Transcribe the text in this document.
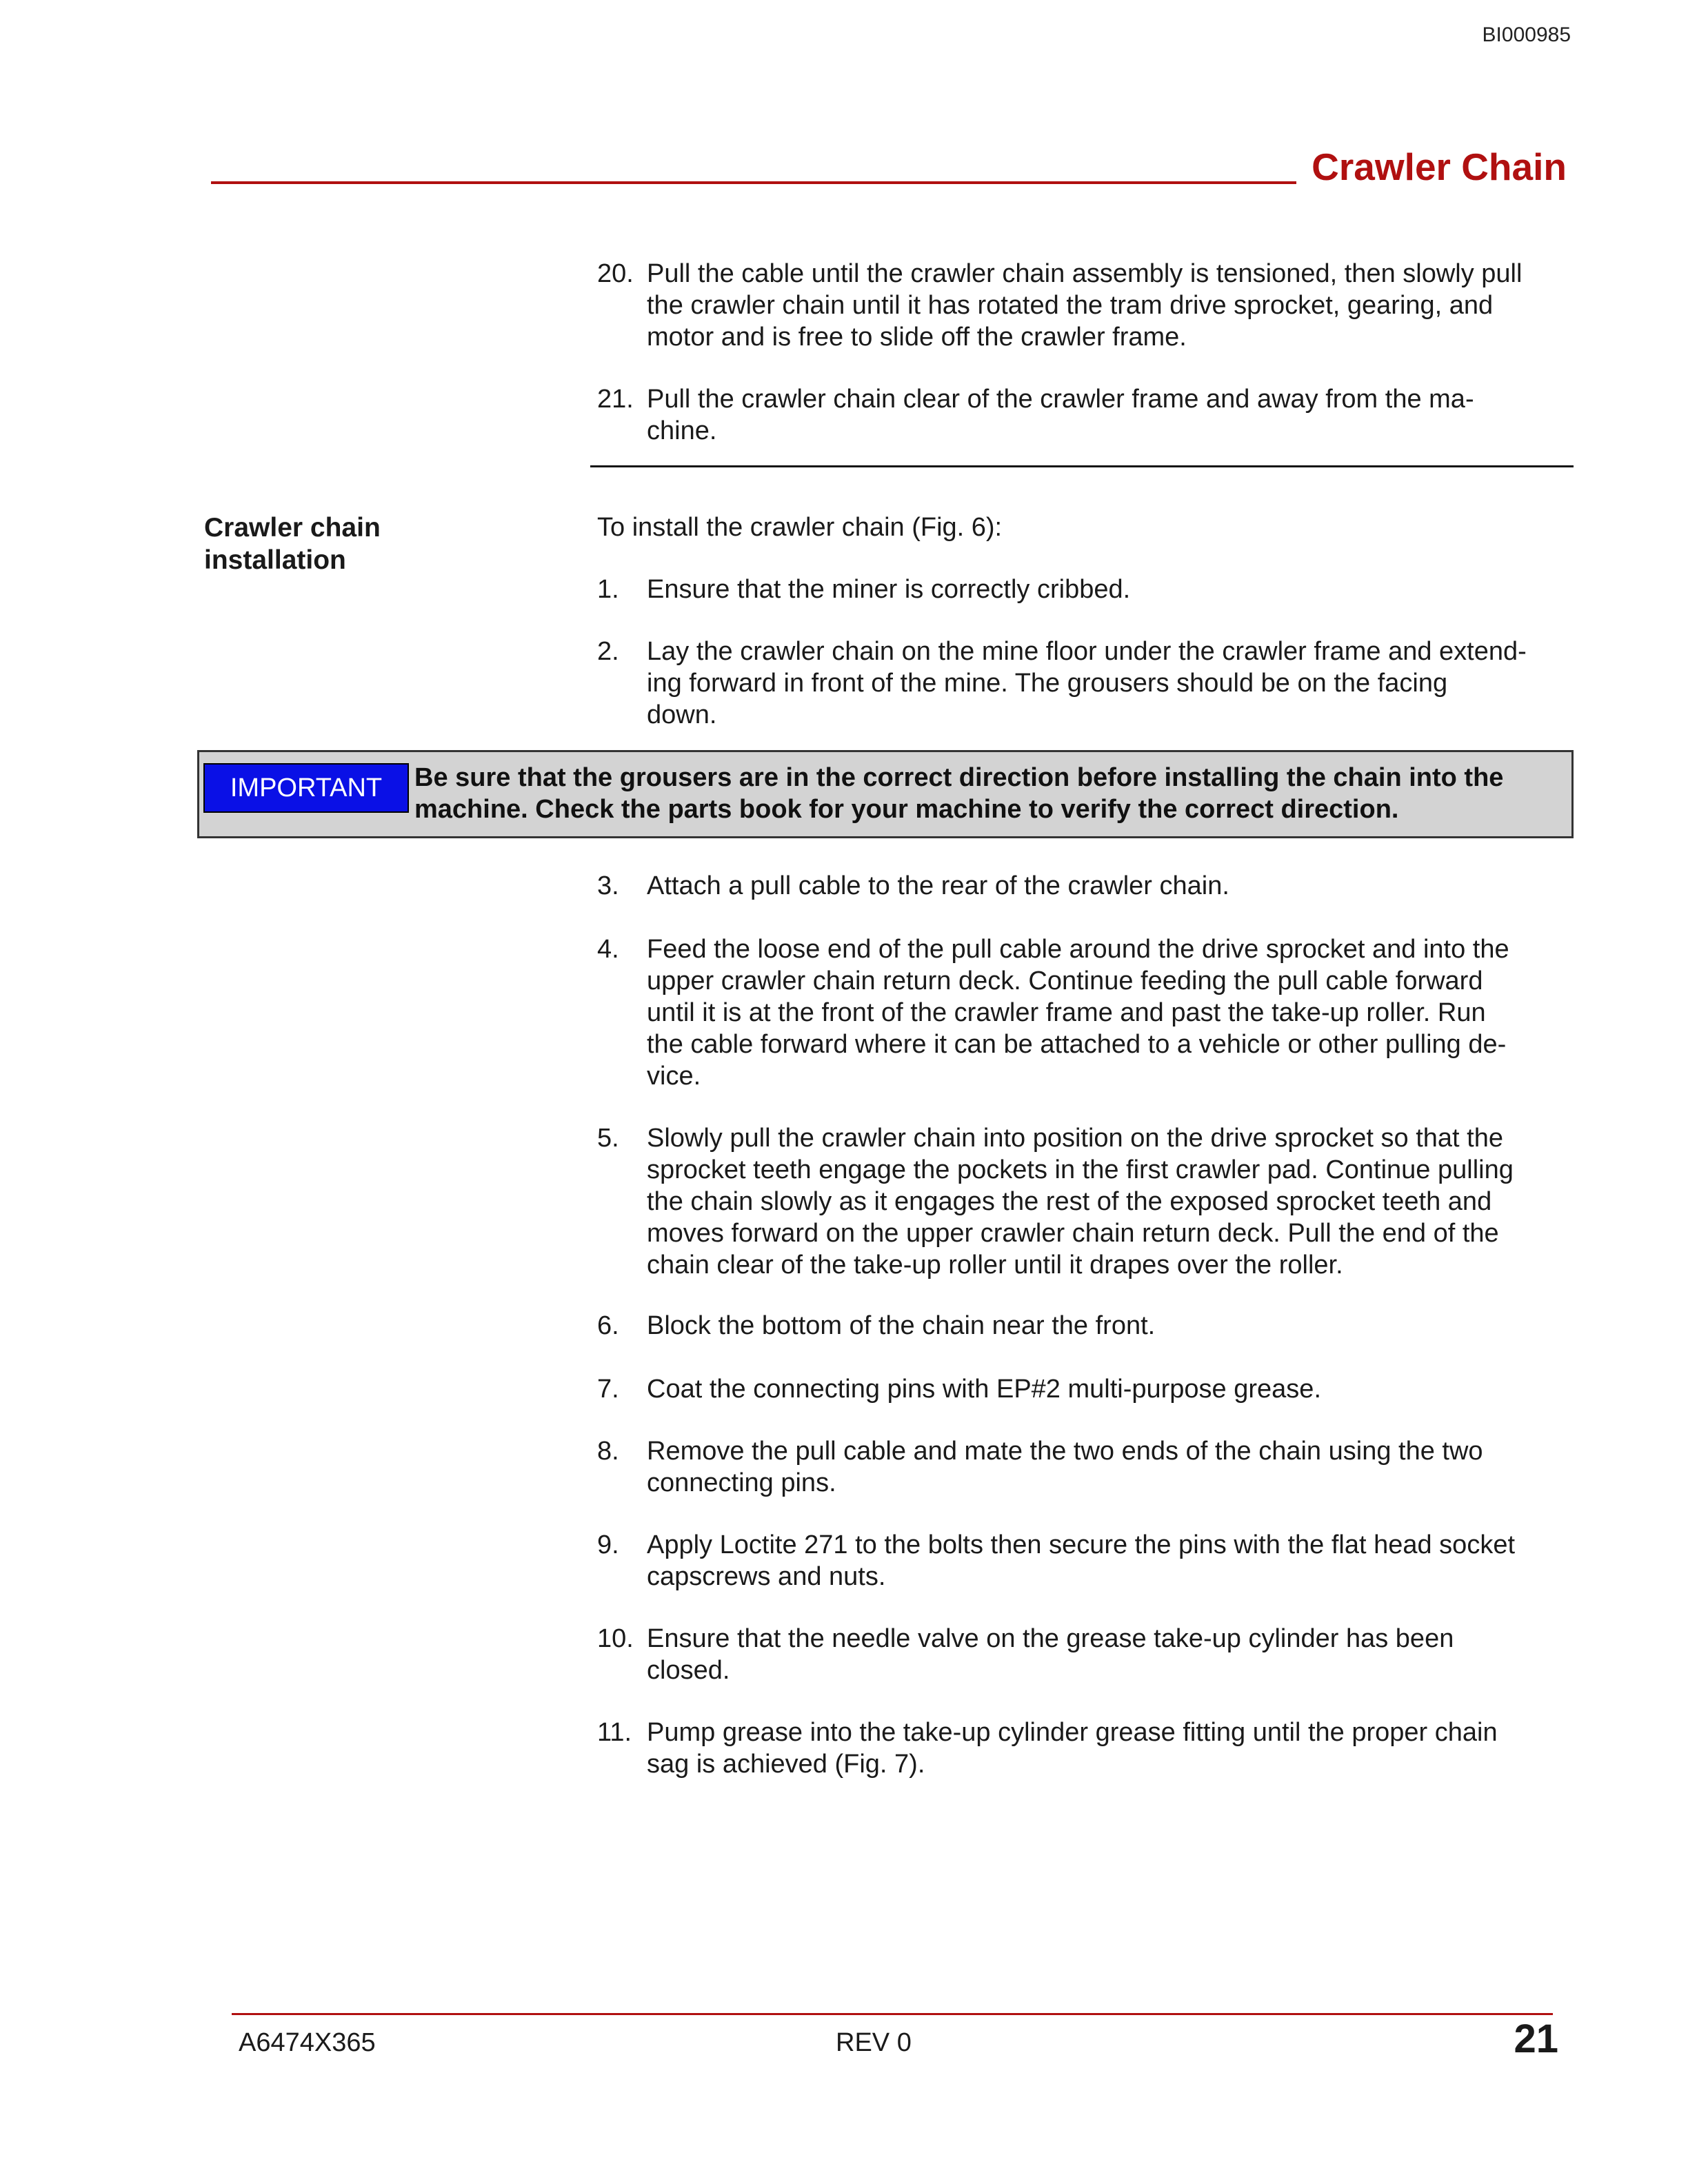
BI000985
Crawler Chain
20. Pull the cable until the crawler chain assembly is tensioned, then slowly pull
the crawler chain until it has rotated the tram drive sprocket, gearing, and
motor and is free to slide off the crawler frame.
21. Pull the crawler chain clear of the crawler frame and away from the ma-
chine.
Crawler chain
installation
To install the crawler chain (Fig. 6):
1. Ensure that the miner is correctly cribbed.
2. Lay the crawler chain on the mine floor under the crawler frame and extend-
ing forward in front of the mine. The grousers should be on the facing
down.
IMPORTANT	Be sure that the grousers are in the correct direction before installing the chain into the
machine. Check the parts book for your machine to verify the correct direction.
3. Attach a pull cable to the rear of the crawler chain.
4. Feed the loose end of the pull cable around the drive sprocket and into the
upper crawler chain return deck. Continue feeding the pull cable forward
until it is at the front of the crawler frame and past the take-up roller. Run
the cable forward where it can be attached to a vehicle or other pulling de-
vice.
5. Slowly pull the crawler chain into position on the drive sprocket so that the
sprocket teeth engage the pockets in the first crawler pad. Continue pulling
the chain slowly as it engages the rest of the exposed sprocket teeth and
moves forward on the upper crawler chain return deck. Pull the end of the
chain clear of the take-up roller until it drapes over the roller.
6. Block the bottom of the chain near the front.
7. Coat the connecting pins with EP#2 multi-purpose grease.
8. Remove the pull cable and mate the two ends of the chain using the two
connecting pins.
9. Apply Loctite 271 to the bolts then secure the pins with the flat head socket
capscrews and nuts.
10. Ensure that the needle valve on the grease take-up cylinder has been
closed.
11. Pump grease into the take-up cylinder grease fitting until the proper chain
sag is achieved (Fig. 7).
A6474X365	REV 0	21
